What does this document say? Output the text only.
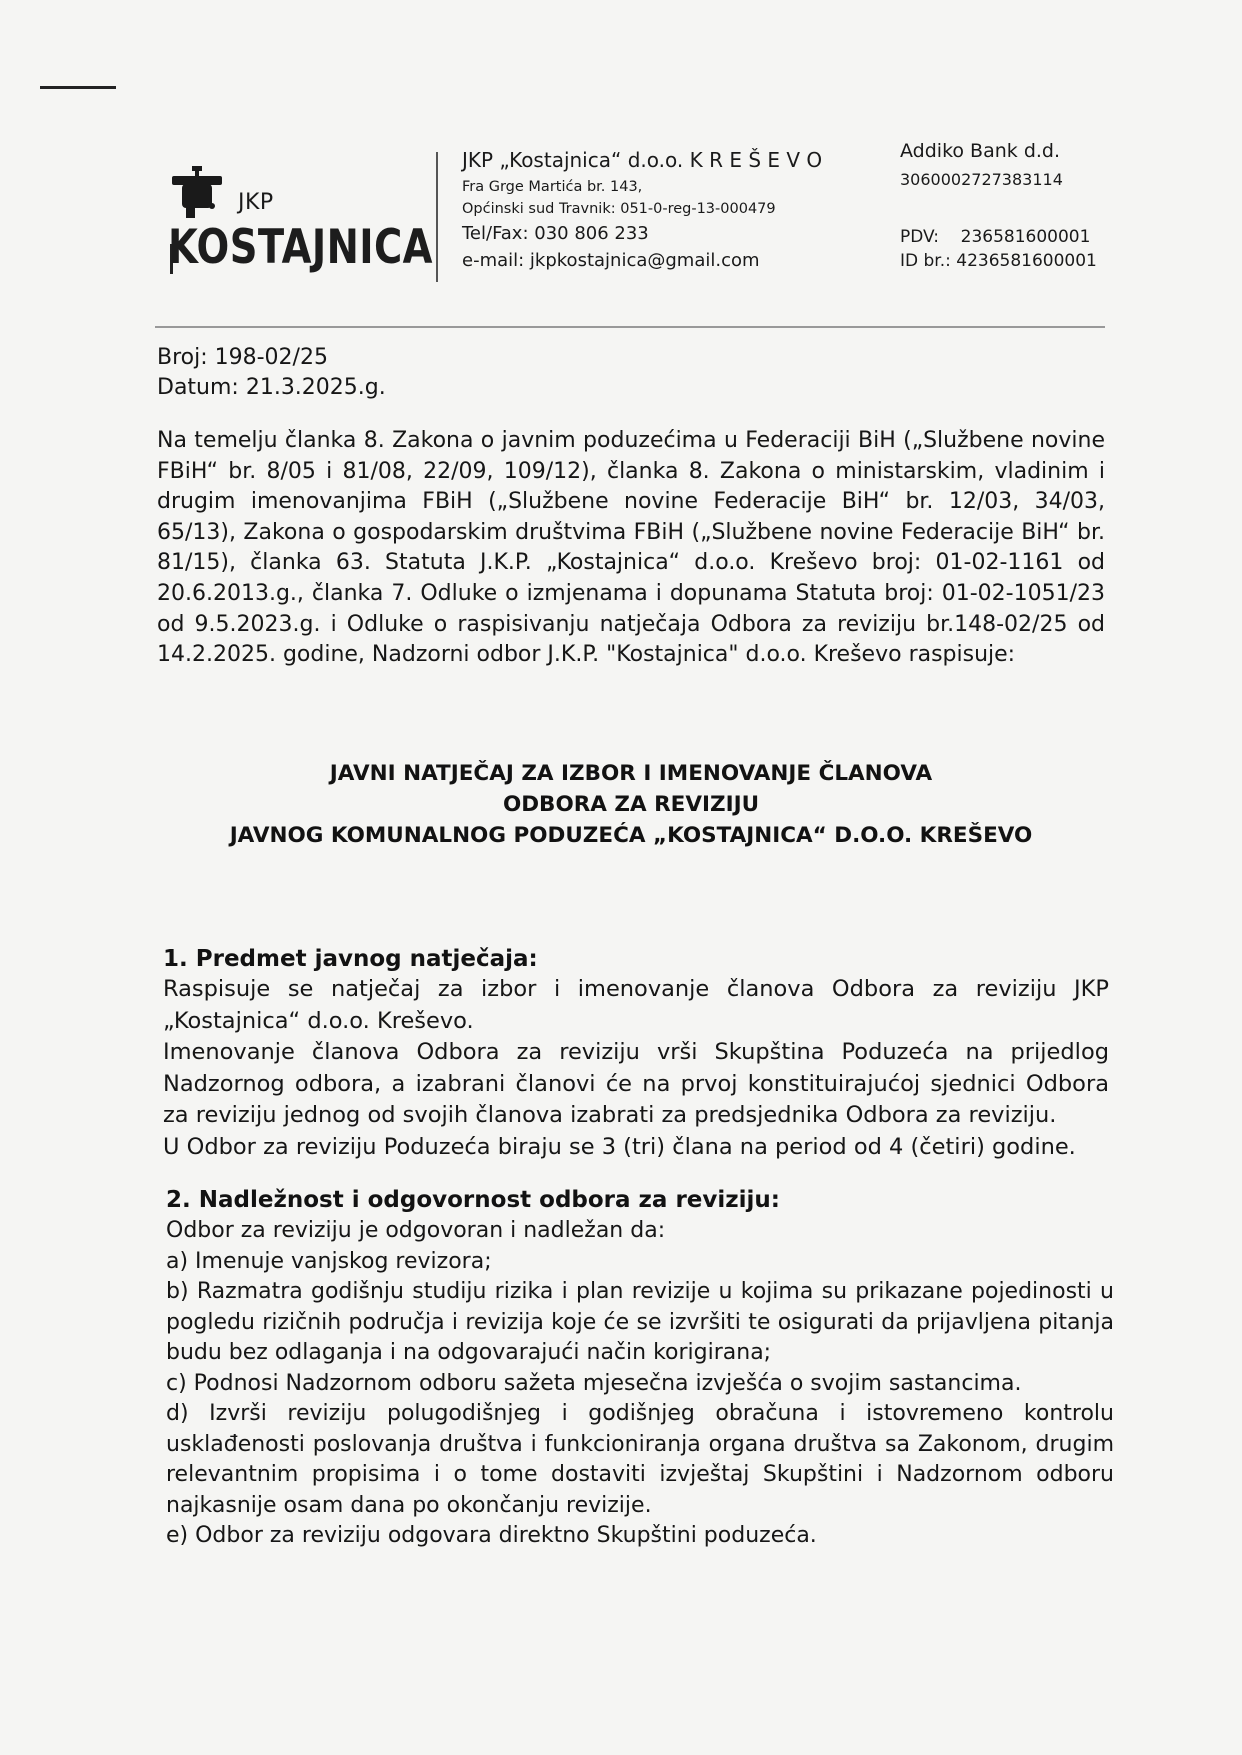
JKP
KOSTAJNICA
JKP „Kostajnica“ d.o.o. K R E Š E V O
Fra Grge Martića br. 143,
Općinski sud Travnik: 051-0-reg-13-000479
Tel/Fax: 030 806 233
e-mail: jkpkostajnica@gmail.com
Addiko Bank d.d.
3060002727383114
PDV:    236581600001
ID br.: 4236581600001
Broj: 198-02/25
Datum: 21.3.2025.g.
Na temelju članka 8. Zakona o javnim poduzećima u Federaciji BiH („Službene novine FBiH“ br. 8/05 i 81/08, 22/09, 109/12), članka 8. Zakona o ministarskim, vladinim i drugim imenovanjima FBiH („Službene novine Federacije BiH“ br. 12/03, 34/03, 65/13), Zakona o gospodarskim društvima FBiH („Službene novine Federacije BiH“ br. 81/15), članka 63. Statuta J.K.P. „Kostajnica“ d.o.o. Kreševo broj: 01-02-1161 od 20.6.2013.g., članka 7. Odluke o izmjenama i dopunama Statuta broj: 01-02-1051/23 od 9.5.2023.g. i Odluke o raspisivanju natječaja Odbora za reviziju br.148-02/25 od 14.2.2025. godine, Nadzorni odbor J.K.P. "Kostajnica" d.o.o. Kreševo raspisuje:
JAVNI NATJEČAJ ZA IZBOR I IMENOVANJE ČLANOVA
ODBORA ZA REVIZIJU
JAVNOG KOMUNALNOG PODUZEĆA „KOSTAJNICA“ D.O.O. KREŠEVO
1. Predmet javnog natječaja:
Raspisuje se natječaj za izbor i imenovanje članova Odbora za reviziju JKP „Kostajnica“ d.o.o. Kreševo.
Imenovanje članova Odbora za reviziju vrši Skupština Poduzeća na prijedlog Nadzornog odbora, a izabrani članovi će na prvoj konstituirajućoj sjednici Odbora za reviziju jednog od svojih članova izabrati za predsjednika Odbora za reviziju.
U Odbor za reviziju Poduzeća biraju se 3 (tri) člana na period od 4 (četiri) godine.
2. Nadležnost i odgovornost odbora za reviziju:
Odbor za reviziju je odgovoran i nadležan da:
a) Imenuje vanjskog revizora;
b) Razmatra godišnju studiju rizika i plan revizije u kojima su prikazane pojedinosti u pogledu rizičnih područja i revizija koje će se izvršiti te osigurati da prijavljena pitanja budu bez odlaganja i na odgovarajući način korigirana;
c) Podnosi Nadzornom odboru sažeta mjesečna izvješća o svojim sastancima.
d) Izvrši reviziju polugodišnjeg i godišnjeg obračuna i istovremeno kontrolu usklađenosti poslovanja društva i funkcioniranja organa društva sa Zakonom, drugim relevantnim propisima i o tome dostaviti izvještaj Skupštini i Nadzornom odboru najkasnije osam dana po okončanju revizije.
e) Odbor za reviziju odgovara direktno Skupštini poduzeća.
